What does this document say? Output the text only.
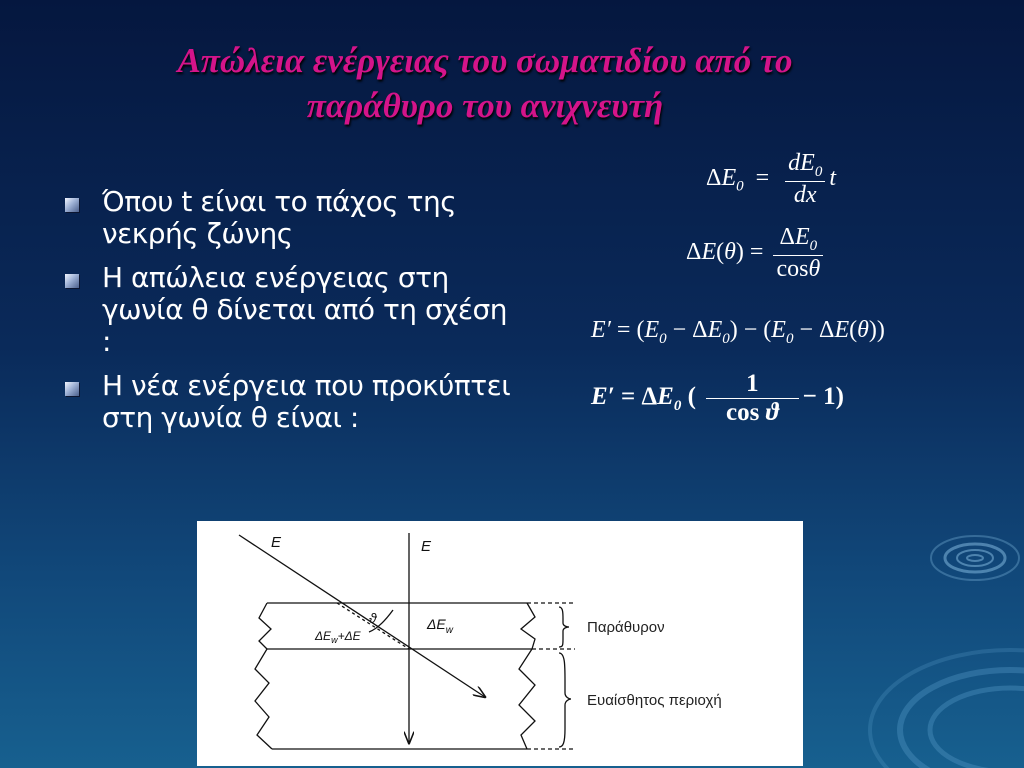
Απώλεια ενέργειας του σωματιδίου από το
παράθυρο του ανιχνευτή
Όπου t είναι το πάχος της νεκρής ζώνης
Η απώλεια ενέργειας στη γωνία θ δίνεται από τη σχέση :
Η νέα ενέργεια που προκύπτει στη γωνία θ είναι :
$\Delta E_0 = \frac{dE_0}{dx}$ t
$\Delta E(\theta) = \frac{\Delta E_0}{\cos\theta}$
$E' = (E_0 - \Delta E_0) - (E_0 - \Delta E(\theta))$
$E' = \Delta E_0$ ( $\frac{1}{\text{cos ϑ}} - 1$)
E	E
ϑ
$\Delta E_w+\Delta E$
$\Delta E_w$	Παράθυρον
Ευαίσθητος περιοχή
